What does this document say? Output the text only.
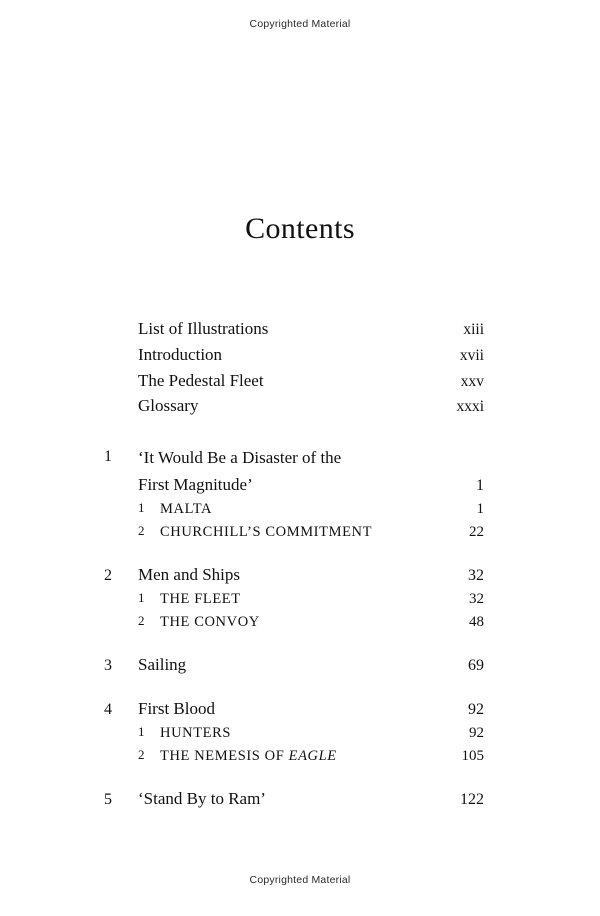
Copyrighted Material
Contents
List of Illustrations	xiii
Introduction	xvii
The Pedestal Fleet	xxv
Glossary	xxxi
1	‘It Would Be a Disaster of the
First Magnitude’	1
1	MALTA	1
2	CHURCHILL’S COMMITMENT	22
2	Men and Ships	32
1	THE FLEET	32
2	THE CONVOY	48
3	Sailing	69
4	First Blood	92
1	HUNTERS	92
2	THE NEMESIS OF EAGLE	105
5	‘Stand By to Ram’	122
Copyrighted Material
